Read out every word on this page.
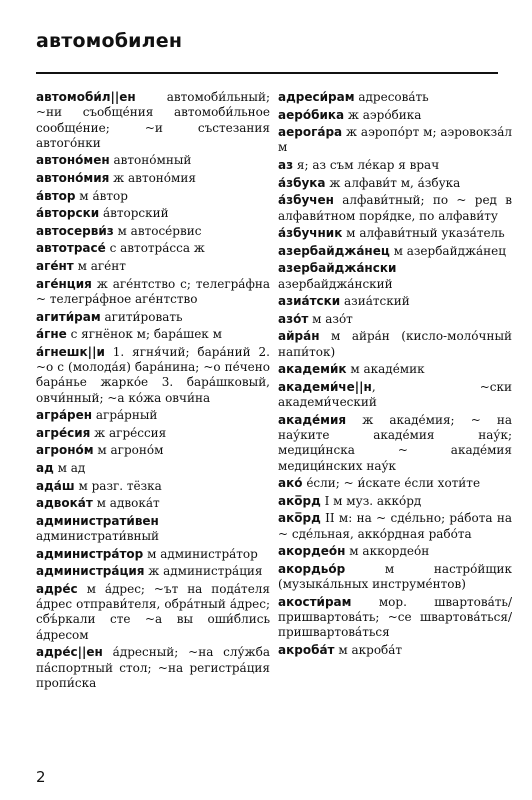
автомобилен
автомоби́л||ен автомоби́льный; ~ни съобще́ния автомоби́льное сообще́ние; ~и състезания автого́нки
автоно́мен автоно́мный
автоно́мия ж автоно́мия
а́втор м а́втор
а́вторски а́вторский
автосерви́з м автосе́рвис
автотрасе́ с автотра́сса ж
аге́нт м аге́нт
аге́нция ж аге́нтство с; телегра́фна ~ телегра́фное аге́нтство
агити́рам агити́ровать
а́гне с ягнёнок м; бара́шек м
а́гнешк||и 1. ягня́чий; бара́ний 2. ~о с (молода́я) бара́нина; ~о пе́чено бара́нье жарко́е 3. бара́шковый, овчи́нный; ~а ко́жа овчи́на
агра́рен агра́рный
агре́сия ж агре́ссия
агроно́м м агроно́м
ад м ад
ада́ш м разг. тёзка
адвока́т м адвока́т
администрати́вен администрати́вный
администра́тор м администра́тор
администра́ция ж администра́ция
адре́с м а́дрес; ~ът на пода́теля а́дрес отправи́теля, обра́тный а́дрес; сбъ́ркали сте ~а вы оши́блись а́дресом
адре́с||ен а́дресный; ~на слу́жба па́спортный стол; ~на регистра́ция пропи́ска
адреси́рам адресова́ть
аеро́бика ж аэро́бика
аерога́ра ж аэропо́рт м; аэровокза́л м
аз я; аз съм ле́кар я врач
а́збука ж алфави́т м, а́збука
а́збучен алфави́тный; по ~ ред в алфави́тном поря́дке, по алфави́ту
а́збучник м алфави́тный указа́тель
азербайджа́нец м азербайджа́нец
азербайджа́нски азербайджа́нский
азиа́тски азиа́тский
азо́т м азо́т
айра́н м айра́н (кисло-моло́чный напи́ток)
академи́к м акаде́мик
академи́че||н, ~ски академи́ческий
акаде́мия ж акаде́мия; ~ на нау́ките акаде́мия нау́к; медици́нска ~ акаде́мия медици́нских нау́к
ако́ е́сли; ~ и́скате е́сли хоти́те
акo̅рд I м муз. акко́рд
акo̅рд II м: на ~ сде́льно; ра́бота на ~ сде́льная, акко́рдная рабо́та
акордео́н м аккордео́н
акордьо́р м настро́йщик (музыка́льных инструме́нтов)
акости́рам мор. швартова́ть/пришвартова́ть; ~се швартова́ться/пришвартова́ться
акроба́т м акроба́т
2
